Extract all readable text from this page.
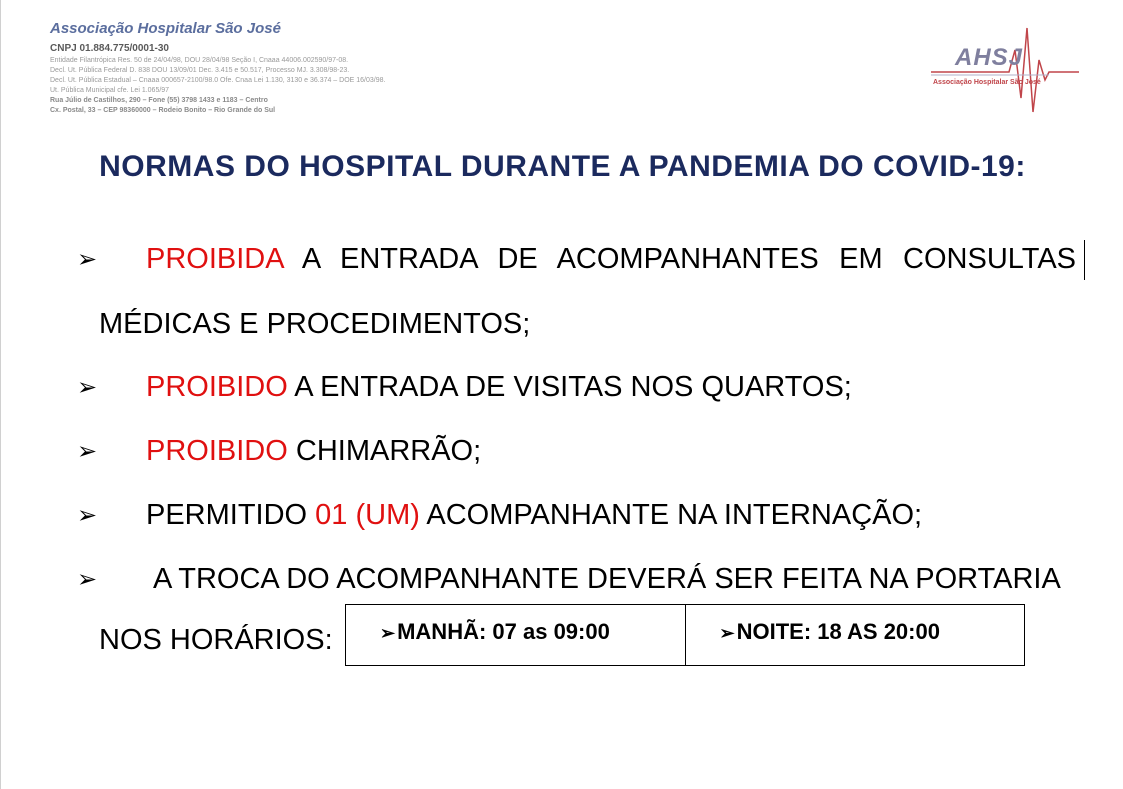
Associação Hospitalar São José
CNPJ 01.884.775/0001-30
Entidade Filantrópica Res. 50 de 24/04/98, DOU 28/04/98 Seção I, Cnaaa 44006.002590/97-08.
Decl. Ut. Pública Federal D. 838 DOU 13/09/01 Dec. 3.415 e 50.517, Processo MJ. 3.308/98-23.
Decl. Ut. Pública Estadual – Cnaaa 000657-2100/98.0 Ofe. Cnaa Lei 1.130, 3130 e 36.374 – DOE 16/03/98.
Ut. Pública Municipal cfe. Lei 1.065/97
Rua Júlio de Castilhos, 290 – Fone (55) 3798 1433 e 1183 – Centro
Cx. Postal, 33 – CEP 98360000 – Rodeio Bonito – Rio Grande do Sul
AHSJ
Associação Hospitalar São José
NORMAS DO HOSPITAL DURANTE A PANDEMIA DO COVID-19:
➢ PROIBIDA A ENTRADA DE ACOMPANHANTES EM CONSULTAS
MÉDICAS E PROCEDIMENTOS;
➢ PROIBIDO A ENTRADA DE VISITAS NOS QUARTOS;
➢ PROIBIDO CHIMARRÃO;
➢ PERMITIDO 01 (UM) ACOMPANHANTE NA INTERNAÇÃO;
➢ A TROCA DO ACOMPANHANTE DEVERÁ SER FEITA NA PORTARIA
NOS HORÁRIOS:	➢MANHÃ: 07 as 09:00	➢NOITE: 18 AS 20:00
